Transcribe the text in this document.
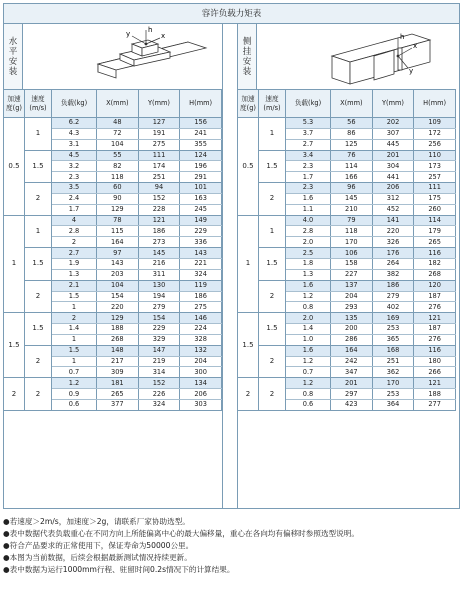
容许负载力矩表
水
平
安
装
h
y	x
加速度(g)	速度(m/s)	负载(kg)	X(mm)	Y(mm)	H(mm)
0.5	1	6.2	48	127	156
		4.3	72	191	241
		3.1	104	275	355
	1.5	4.5	55	111	124
		3.2	82	174	196
		2.3	118	251	291
	2	3.5	60	94	101
		2.4	90	152	163
		1.7	129	228	245
1	1	4	78	121	149
		2.8	115	186	229
		2	164	273	336
	1.5	2.7	97	145	143
		1.9	143	216	221
		1.3	203	311	324
	2	2.1	104	130	119
		1.5	154	194	186
		1	220	279	275
1.5	1.5	2	129	154	146
		1.4	188	229	224
		1	268	329	328
	2	1.5	148	147	132
		1	217	219	204
		0.7	309	314	300
2	2	1.2	181	152	134
		0.9	265	226	206
		0.6	377	324	303
侧
挂
安
装
h
x
y
加速度(g)	速度(m/s)	负载(kg)	X(mm)	Y(mm)	H(mm)
0.5	1	5.3	56	202	109
		3.7	86	307	172
		2.7	125	445	256
	1.5	3.4	76	201	110
		2.3	114	304	173
		1.7	166	441	257
	2	2.3	96	206	111
		1.6	145	312	175
		1.1	210	452	260
1	1	4.0	79	141	114
		2.8	118	220	179
		2.0	170	326	265
	1.5	2.5	106	176	116
		1.8	158	264	182
		1.3	227	382	268
	2	1.6	137	186	120
		1.2	204	279	187
		0.8	293	402	276
1.5	1.5	2.0	135	169	121
		1.4	200	253	187
		1.0	286	365	276
	2	1.6	164	168	116
		1.2	242	251	180
		0.7	347	362	266
2	2	1.2	201	170	121
		0.8	297	253	188
		0.6	423	364	277
●若速度＞2m/s，加速度＞2g，请联系厂家协助选型。
●表中数据代表负载重心在不同方向上所能偏离中心的最大偏移量，重心在各向均有偏移时参照选型说明。
●符合产品要求的正常使用下，保证寿命为50000公里。
●本图为当前数据，后续会根据最新测试情况持续更新。
●表中数据为运行1000mm行程、驻留时间0.2s情况下的计算结果。
